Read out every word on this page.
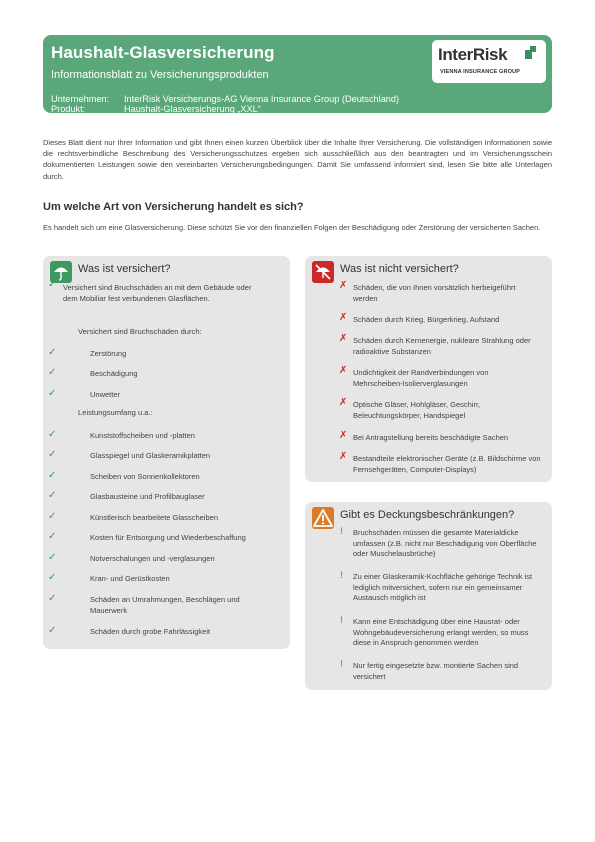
Haushalt-Glasversicherung
Informationsblatt zu Versicherungsprodukten
Unternehmen: InterRisk Versicherungs-AG Vienna Insurance Group (Deutschland)
Produkt:	Haushalt-Glasversicherung „XXL“
InterRisk
VIENNA INSURANCE GROUP
Dieses Blatt dient nur Ihrer Information und gibt Ihnen einen kurzen Überblick über die Inhalte Ihrer Versicherung. Die vollständigen Informationen sowie die rechtsverbindliche Beschreibung des Versicherungsschutzes ergeben sich ausschließlich aus den beantragten und im Versicherungsschein dokumentierten Leistungen sowie den vereinbarten Versicherungsbedingungen. Damit Sie umfassend informiert sind, lesen Sie bitte alle Unterlagen durch.
Um welche Art von Versicherung handelt es sich?
Es handelt sich um eine Glasversicherung. Diese schützt Sie vor den finanziellen Folgen der Beschädigung oder Zerstörung der versicherten Sachen.
Was ist versichert?
✓ Versichert sind Bruchschäden an mit dem Gebäude oder dem Mobiliar fest verbundenen Glasflächen.
Versichert sind Bruchschäden durch:
✓	Zerstörung
✓	Beschädigung
✓	Unwetter
Leistungsumfang u.a.:
✓	Kunststoffscheiben und -platten
✓	Glasspiegel und Glaskeramikplatten
✓	Scheiben von Sonnenkollektoren
✓	Glasbausteine und Profilbauglaser
✓	Künstlerisch bearbeitete Glasscheiben
✓	Kosten für Entsorgung und Wiederbeschaffung
✓	Notverschalungen und -verglasungen
✓	Kran- und Gerüstkosten
✓	Schäden an Umrahmungen, Beschlägen und Mauerwerk
✓	Schäden durch grobe Fahrlässigkeit
Was ist nicht versichert?
✗ Schäden, die von Ihnen vorsätzlich herbeigeführt werden
✗ Schäden durch Krieg, Bürgerkrieg, Aufstand
✗ Schäden durch Kernenergie, nukleare Strahlung oder radioaktive Substanzen
✗ Undichtigkeit der Randverbindungen von Mehrscheiben-Isolierverglasungen
✗ Optische Gläser, Hohlgläser, Geschirr, Beleuchtungskörper, Handspiegel
✗ Bei Antragstellung bereits beschädigte Sachen
✗ Bestandteile elektronischer Geräte (z.B. Bildschirme von Fernsehgeräten, Computer-Displays)
Gibt es Deckungsbeschränkungen?
! Bruchschäden müssen die gesamte Materialdicke umfassen (z.B. nicht nur Beschädigung von Oberfläche oder Muschelausbrüche)
! Zu einer Glaskeramik-Kochfläche gehörige Technik ist lediglich mitversichert, sofern nur ein gemeinsamer Austausch möglich ist
! Kann eine Entschädigung über eine Hausrat- oder Wohngebäudeversicherung erlangt werden, so muss diese in Anspruch genommen werden
! Nur fertig eingesetzte bzw. montierte Sachen sind versichert
